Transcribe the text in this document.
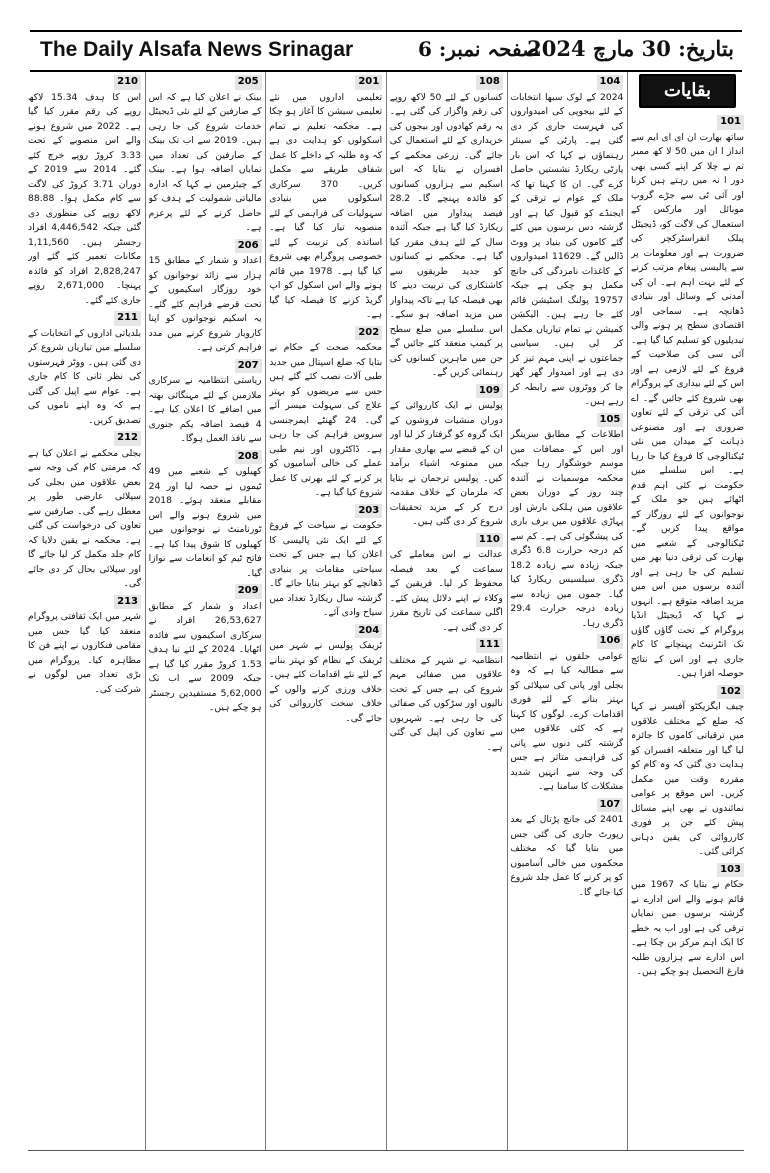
The Daily Alsafa News Srinagar	صفحہ نمبر: 6
بتاریخ: 30 مارچ 2024
بقایات
101
ساتھ بھارت ان ای ای ایم سے انداز ا ان میں 50 لا کھ ممبر تم نے چلا کر اپنے کسی بھی دور ا نہ میں رہتے ہیں کرنا اور آئی ٹی سے جڑے گروپ موبائل اور مارکس کے استعمال کی لاگت کو، ڈیجیٹل پبلک انفراسٹرکچر کی ضرورت ہے اور معلومات پر سے پالیسی پیغام مرتب کرنے کے لئے بہت اہم ہے۔ ان کی آمدنی کے وسائل اور بنیادی ڈھانچہ ہے۔ سماجی اور اقتصادی سطح پر ہونے والی تبدیلیوں کو تسلیم کیا گیا ہے۔ آئی سی کی صلاحیت کے فروغ کے لئے لازمی ہے اور اس کے لئے بیداری کے پروگرام بھی شروع کئے جائیں گے۔ اے آئی کی ترقی کے لئے تعاون ضروری ہے اور مصنوعی ذہانت کے میدان میں نئی ٹیکنالوجی کا فروغ کیا جا رہا ہے۔ اس سلسلے میں حکومت نے کئی اہم قدم اٹھائے ہیں جو ملک کے نوجوانوں کے لئے روزگار کے مواقع پیدا کریں گے۔ ٹیکنالوجی کے شعبے میں بھارت کی ترقی دنیا بھر میں تسلیم کی جا رہی ہے اور آئندہ برسوں میں اس میں مزید اضافہ متوقع ہے۔ انہوں نے کہا کہ ڈیجیٹل انڈیا پروگرام کے تحت گاؤں گاؤں تک انٹرنیٹ پہنچانے کا کام جاری ہے اور اس کے نتائج حوصلہ افزا ہیں۔
102
چیف ایگزیکٹو آفیسر نے کہا کہ ضلع کے مختلف علاقوں میں ترقیاتی کاموں کا جائزہ لیا گیا اور متعلقہ افسران کو ہدایت دی گئی کہ وہ کام کو مقررہ وقت میں مکمل کریں۔ اس موقع پر عوامی نمائندوں نے بھی اپنے مسائل پیش کئے جن پر فوری کارروائی کی یقین دہانی کرائی گئی۔
103
حکام نے بتایا کہ 1967 میں قائم ہونے والے اس ادارے نے گزشتہ برسوں میں نمایاں ترقی کی ہے اور اب یہ خطے کا ایک اہم مرکز بن چکا ہے۔ اس ادارے سے ہزاروں طلبہ فارغ التحصیل ہو چکے ہیں۔
104
2024 کے لوک سبھا انتخابات کے لئے بیجوپی کی امیدواروں کی فہرست جاری کر دی گئی ہے۔ پارٹی کے سینئر رہنماؤں نے کہا کہ اس بار پارٹی ریکارڈ نشستیں حاصل کرے گی۔ ان کا کہنا تھا کہ ملک کے عوام نے ترقی کے ایجنڈے کو قبول کیا ہے اور گزشتہ دس برسوں میں کئے گئے کاموں کی بنیاد پر ووٹ ڈالیں گے۔ 11629 امیدواروں کے کاغذات نامزدگی کی جانچ مکمل ہو چکی ہے جبکہ 19757 پولنگ اسٹیشن قائم کئے جا رہے ہیں۔ الیکشن کمیشن نے تمام تیاریاں مکمل کر لی ہیں۔ سیاسی جماعتوں نے اپنی مہم تیز کر دی ہے اور امیدوار گھر گھر جا کر ووٹروں سے رابطہ کر رہے ہیں۔
105
اطلاعات کے مطابق سرینگر اور اس کے مضافات میں موسم خوشگوار رہا جبکہ محکمہ موسمیات نے آئندہ چند روز کے دوران بعض علاقوں میں ہلکی بارش اور پہاڑی علاقوں میں برف باری کی پیشگوئی کی ہے۔ کم سے کم درجہ حرارت 6.8 ڈگری جبکہ زیادہ سے زیادہ 18.2 ڈگری سیلسیس ریکارڈ کیا گیا۔ جموں میں زیادہ سے زیادہ درجہ حرارت 29.4 ڈگری رہا۔
106
عوامی حلقوں نے انتظامیہ سے مطالبہ کیا ہے کہ وہ بجلی اور پانی کی سپلائی کو بہتر بنانے کے لئے فوری اقدامات کرے۔ لوگوں کا کہنا ہے کہ کئی علاقوں میں گزشتہ کئی دنوں سے پانی کی فراہمی متاثر ہے جس کی وجہ سے انہیں شدید مشکلات کا سامنا ہے۔
107
2401 کی جانچ پڑتال کے بعد رپورٹ جاری کی گئی جس میں بتایا گیا کہ مختلف محکموں میں خالی آسامیوں کو پر کرنے کا عمل جلد شروع کیا جائے گا۔
108
کسانوں کے لئے 50 لاکھ روپے کی رقم واگزار کی گئی ہے۔ یہ رقم کھادوں اور بیجوں کی خریداری کے لئے استعمال کی جائے گی۔ زرعی محکمے کے افسران نے بتایا کہ اس اسکیم سے ہزاروں کسانوں کو فائدہ پہنچے گا۔ 28.2 فیصد پیداوار میں اضافہ ریکارڈ کیا گیا ہے جبکہ آئندہ سال کے لئے ہدف مقرر کیا گیا ہے۔ محکمے نے کسانوں کو جدید طریقوں سے کاشتکاری کی تربیت دینے کا بھی فیصلہ کیا ہے تاکہ پیداوار میں مزید اضافہ ہو سکے۔ اس سلسلے میں ضلع سطح پر کیمپ منعقد کئے جائیں گے جن میں ماہرین کسانوں کی رہنمائی کریں گے۔
109
پولیس نے ایک کارروائی کے دوران منشیات فروشوں کے ایک گروہ کو گرفتار کر لیا اور ان کے قبضے سے بھاری مقدار میں ممنوعہ اشیاء برآمد کیں۔ پولیس ترجمان نے بتایا کہ ملزمان کے خلاف مقدمہ درج کر کے مزید تحقیقات شروع کر دی گئی ہیں۔
110
عدالت نے اس معاملے کی سماعت کے بعد فیصلہ محفوظ کر لیا۔ فریقین کے وکلاء نے اپنے دلائل پیش کئے۔ اگلی سماعت کی تاریخ مقرر کر دی گئی ہے۔
111
انتظامیہ نے شہر کے مختلف علاقوں میں صفائی مہم شروع کی ہے جس کے تحت نالیوں اور سڑکوں کی صفائی کی جا رہی ہے۔ شہریوں سے تعاون کی اپیل کی گئی ہے۔
201
تعلیمی اداروں میں نئے تعلیمی سیشن کا آغاز ہو چکا ہے۔ محکمہ تعلیم نے تمام اسکولوں کو ہدایت دی ہے کہ وہ طلبہ کے داخلے کا عمل شفاف طریقے سے مکمل کریں۔ 370 سرکاری اسکولوں میں بنیادی سہولیات کی فراہمی کے لئے منصوبہ تیار کیا گیا ہے۔ اساتذہ کی تربیت کے لئے خصوصی پروگرام بھی شروع کیا گیا ہے۔ 1978 میں قائم ہونے والے اس اسکول کو اپ گریڈ کرنے کا فیصلہ کیا گیا ہے۔
202
محکمہ صحت کے حکام نے بتایا کہ ضلع اسپتال میں جدید طبی آلات نصب کئے گئے ہیں جس سے مریضوں کو بہتر علاج کی سہولت میسر آئے گی۔ 24 گھنٹے ایمرجنسی سروس فراہم کی جا رہی ہے۔ ڈاکٹروں اور نیم طبی عملے کی خالی آسامیوں کو پر کرنے کے لئے بھرتی کا عمل شروع کیا گیا ہے۔
203
حکومت نے سیاحت کے فروغ کے لئے ایک نئی پالیسی کا اعلان کیا ہے جس کے تحت سیاحتی مقامات پر بنیادی ڈھانچے کو بہتر بنایا جائے گا۔ گزشتہ سال ریکارڈ تعداد میں سیاح وادی آئے۔
204
ٹریفک پولیس نے شہر میں ٹریفک کے نظام کو بہتر بنانے کے لئے نئے اقدامات کئے ہیں۔ خلاف ورزی کرنے والوں کے خلاف سخت کارروائی کی جائے گی۔
205
بینک نے اعلان کیا ہے کہ اس کے صارفین کے لئے نئی ڈیجیٹل خدمات شروع کی جا رہی ہیں۔ 2019 سے اب تک بینک کے صارفین کی تعداد میں نمایاں اضافہ ہوا ہے۔ بینک کے چیئرمین نے کہا کہ ادارہ مالیاتی شمولیت کے ہدف کو حاصل کرنے کے لئے پرعزم ہے۔
206
اعداد و شمار کے مطابق 15 ہزار سے زائد نوجوانوں کو خود روزگار اسکیموں کے تحت قرضے فراہم کئے گئے۔ یہ اسکیم نوجوانوں کو اپنا کاروبار شروع کرنے میں مدد فراہم کرتی ہے۔
207
ریاستی انتظامیہ نے سرکاری ملازمین کے لئے مہنگائی بھتہ میں اضافے کا اعلان کیا ہے۔ 4 فیصد اضافہ یکم جنوری سے نافذ العمل ہوگا۔
208
کھیلوں کے شعبے میں 49 ٹیموں نے حصہ لیا اور 24 مقابلے منعقد ہوئے۔ 2018 میں شروع ہونے والے اس ٹورنامنٹ نے نوجوانوں میں کھیلوں کا شوق پیدا کیا ہے۔ فاتح ٹیم کو انعامات سے نوازا گیا۔
209
اعداد و شمار کے مطابق 26,53,627 افراد نے سرکاری اسکیموں سے فائدہ اٹھایا۔ 2024 کے لئے نیا ہدف 1.53 کروڑ مقرر کیا گیا ہے جبکہ 2009 سے اب تک 5,62,000 مستفیدین رجسٹر ہو چکے ہیں۔
210
اس کا ہدف 15.34 لاکھ روپے کی رقم مقرر کیا گیا ہے۔ 2022 میں شروع ہونے والے اس منصوبے کے تحت 3.33 کروڑ روپے خرچ کئے گئے۔ 2014 سے 2019 کے دوران 3.71 کروڑ کی لاگت سے کام مکمل ہوا۔ 88.88 لاکھ روپے کی منظوری دی گئی جبکہ 4,446,542 افراد رجسٹر ہیں۔ 1,11,560 مکانات تعمیر کئے گئے اور 2,828,247 افراد کو فائدہ پہنچا۔ 2,671,000 روپے جاری کئے گئے۔
211
بلدیاتی اداروں کے انتخابات کے سلسلے میں تیاریاں شروع کر دی گئی ہیں۔ ووٹر فہرستوں کی نظر ثانی کا کام جاری ہے۔ عوام سے اپیل کی گئی ہے کہ وہ اپنے ناموں کی تصدیق کریں۔
212
بجلی محکمے نے اعلان کیا ہے کہ مرمتی کام کی وجہ سے بعض علاقوں میں بجلی کی سپلائی عارضی طور پر معطل رہے گی۔ صارفین سے تعاون کی درخواست کی گئی ہے۔ محکمہ نے یقین دلایا کہ کام جلد مکمل کر لیا جائے گا اور سپلائی بحال کر دی جائے گی۔
213
شہر میں ایک ثقافتی پروگرام منعقد کیا گیا جس میں مقامی فنکاروں نے اپنے فن کا مظاہرہ کیا۔ پروگرام میں بڑی تعداد میں لوگوں نے شرکت کی۔
